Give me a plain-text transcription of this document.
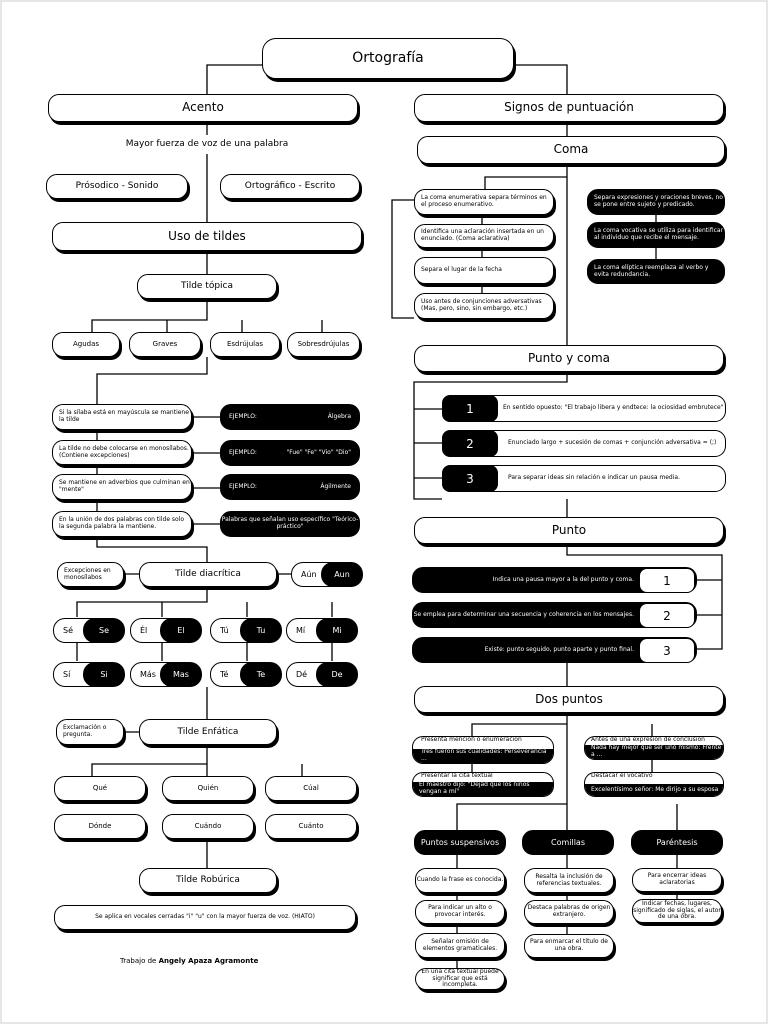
Ortografía
Acento
Mayor fuerza de voz de una palabra
Prósodico - Sonido	Ortográfico - Escrito
Uso de tildes
Tilde tópica
Agudas	Graves	Esdrújulas	Sobresdrújulas
Si la sílaba está en mayúscula se mantiene la tilde	EJEMPLO:	Álgebra
La tilde no debe colocarse en monosílabos. (Contiene excepciones)	EJEMPLO:	"Fue" "Fe" "Vio" "Dio"
Se mantiene en adverbios que culminan en "mente"	EJEMPLO:	Ágilmente
En la unión de dos palabras con tilde solo la segunda palabra la mantiene.
Palabras que señalan uso específico "Teórico-práctico"
Excepciones en monosílabos	Tilde diacrítica	Aún	Aun
Sé	Se	Él	El	Tú	Tu	Mí	Mi
Sí	Si	Más	Mas	Té	Te	Dé	De
Exclamación o pregunta.	Tilde Enfática
Qué	Quién	Cúal
Dónde	Cuándo	Cuánto
Tilde Robúrica
Se aplica en vocales cerradas "i" "u" con la mayor fuerza de voz. (HIATO)
Trabajo de Angely Apaza Agramonte
Signos de puntuación
Coma
La coma enumerativa separa términos en el proceso enumerativo.
Identifica una aclaración insertada en un enunciado. (Coma aclarativa)
Separa el lugar de la fecha
Uso antes de conjunciones adversativas (Mas, pero, sino, sin embargo, etc.)
Separa expresiones y oraciones breves, no se pone entre sujeto y predicado.
La coma vocativa se utiliza para identificar al individuo que recibe el mensaje.
La coma elíptica reemplaza al verbo y evita redundancia.
Punto y coma
En sentido opuesto: "El trabajo libera y endtece: la ociosidad embrutece"
1
Enunciado largo + sucesión de comas + conjunción adversativa = (;)
2
Para separar ideas sin relación e indicar un pausa media.
3
Punto
Indica una pausa mayor a la del punto y coma.	1
Se emplea para determinar una secuencia y coherencia en los mensajes.	2
Existe: punto seguido, punto aparte y punto final.	3
Dos puntos
Presenta mención o enumeración
Tres fueron sus cualidades: Perseverancia ...
Antes de una expresión de conclusión
Nada hay mejor que ser uno mismo: Frente a ...
Presentar la cita textual
El maestro dijo: "Dejad que los niños vengan a mí"
Destacar el vocativo
Excelentísimo señor: Me dirijo a su esposa
Puntos suspensivos	Comillas	Paréntesis
Cuando la frase es conocida.
Para indicar un alto o provocar interés.
Señalar omisión de elementos gramaticales.
En una cita textual puede significar que está incompleta.
Resalta la inclusión de referencias textuales.
Destaca palabras de origen extranjero.
Para enmarcar el título de una obra.
Para encerrar ideas aclaratorias
Indicar fechas, lugares, significado de siglas, el autor de una obra.
